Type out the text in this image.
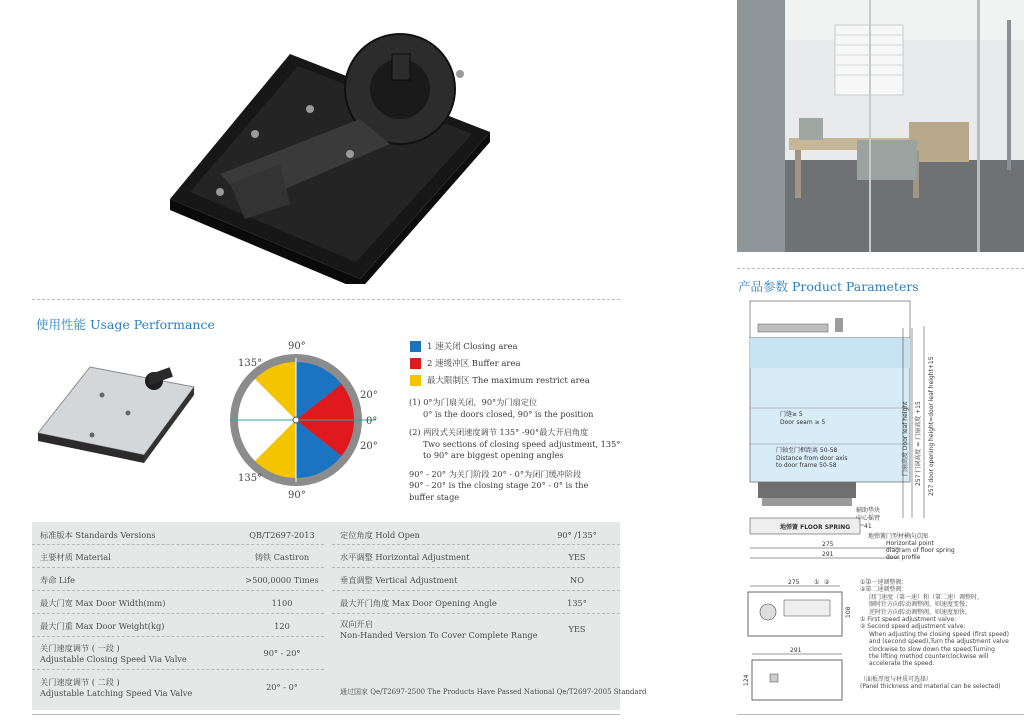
使用性能 Usage Performance
90°
135°
20°
0°
20°
135°
90°
1 速关闭 Closing area
2 速缓冲区 Buffer area
最大限制区 The maximum restrict area
(1) 0°为门扇关闭，90°为门扇定位
0° is the doors closed, 90° is the position
(2) 两段式关闭速度调节 135° -90°最大开启角度
Two sections of closing speed adjustment, 135°
to 90° are biggest opening angles
90° - 20° 为关门阶段 20° - 0°为闭门缓冲阶段
90° - 20° is the closing stage 20° - 0° is the
buffer stage
标准版本 Standards Versions	QB/T2697-2013
主要材质 Material	铸铁 Castiron
寿命 Life	>500,0000 Times
最大门宽 Max Door Width(mm)	1100
最大门重 Max Door Weight(kg)	120
关门速度调节 ( 一段 )
Adjustable Closing Speed Via Valve
90° - 20°
关门速度调节 ( 二段 )
Adjustable Latching Speed Via Valve
20° - 0°
定位角度 Hold Open	90° /135°
水平调整 Horizontal Adjustment	YES
垂直调整 Vertical Adjustment	NO
最大开门角度 Max Door Opening Angle	135°
双向开启
Non-Handed Version To Cover Complete Range
YES
通过国家 Qe/T2697-2500 The Products Have Passed National Qe/T2697-2005 Standard
产品参数 Product Parameters
门缝≥ 5
Door seam ≥ 5
门轴至门框距离 50-58
Distance from door axis
to door frame 50-58
辅助垫块
中心摇臂
地弹簧 FLOOR SPRING 41
275
291
地弹簧门型材横向点图
Horizontal point
diagram of floor spring
door profile
门扇高度 Door leaf height 257 门洞高度 = 门扇高度 +15 257 door opening height=door leaf height+15
275 ① ②
108
291
124
①第一速调整阀：
②第二速调整阀：
闭门速度（第一速）和（第二速）调整时，
顺时针方向转动调整阀，则速度变慢；
逆时针方向转动调整阀，则速度加快。
① First speed adjustment valve:
② Second speed adjustment valve:
When adjusting the closing speed (first speed)
and (second speed),Turn the adjustment valve
clockwise to slow down the speed;Turning
the lifting method counterclockwise will
accelerate the speed.
（面板厚度与材质可选择）
(Panel thickness and material can be selected)
